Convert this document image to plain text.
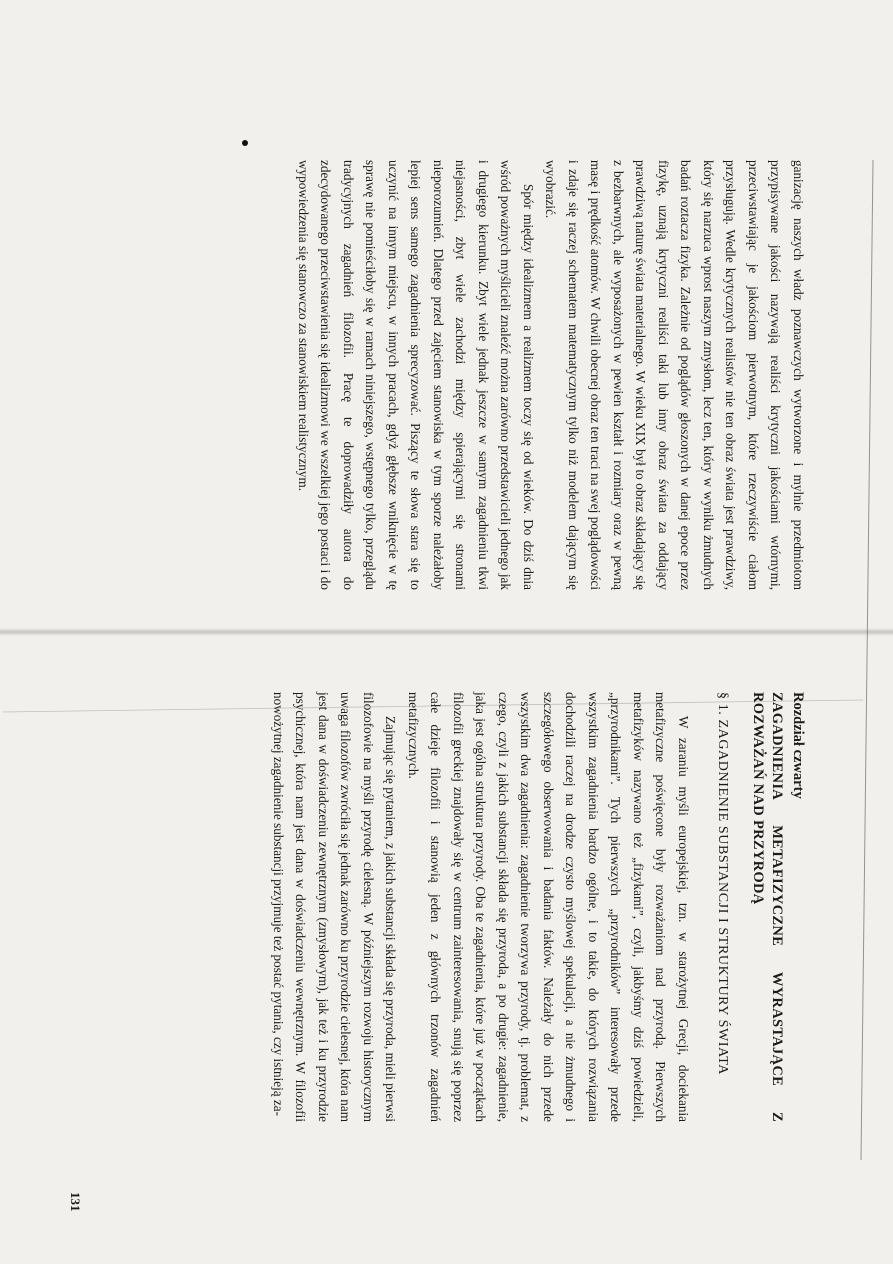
ganizację naszych władz poznawczych wytworzone i mylnie przedmiotom przypisywane jakości nazywają realiści krytyczni jakościami wtórnymi, przeciwstawiając je jakościom pierwotnym, które rzeczywiście ciałom przysługują. Wedle krytycznych realistów nie ten obraz świata jest prawdziwy, który się narzuca wprost naszym zmysłom, lecz ten, który w wyniku żmudnych badań roztacza fizyka. Zależnie od poglądów głoszonych w danej epoce przez fizykę, uznają krytyczni realiści taki lub inny obraz świata za oddający prawdziwą naturę świata materialnego. W wieku XIX był to obraz składający się z bezbarwnych, ale wyposażonych w pewien kształt i rozmiary oraz w pewną masę i prędkość atomów. W chwili obecnej obraz ten traci na swej poglądowości i zdaje się raczej schematem matematycznym tylko niż modelem dającym się wyobrazić.

Spór między idealizmem a realizmem toczy się od wieków. Do dziś dnia wśród poważnych myślicieli znaleźć można zarówno przedstawicieli jednego jak i drugiego kierunku. Zbyt wiele jednak jeszcze w samym zagadnieniu tkwi niejasności, zbyt wiele zachodzi między spierającymi się stronami nieporozumień. Dlatego przed zajęciem stanowiska w tym sporze należałoby lepiej sens samego zagadnienia sprecyzować. Piszący te słowa stara się to uczynić na innym miejscu, w innych pracach, gdyż głębsze wniknięcie w tę sprawę nie pomieściłoby się w ramach niniejszego, wstępnego tylko, przeglądu tradycyjnych zagadnień filozofii. Pracę te doprowadziły autora do zdecydowanego przeciwstawienia się idealizmowi we wszelkiej jego postaci i do wypowiedzenia się stanowczo za stanowiskiem realistycznym.

Rozdział czwarty
ZAGADNIENIA METAFIZYCZNE WYRASTAJĄCE Z ROZWAŻAŃ NAD PRZYRODĄ
§ 1. ZAGADNIENIE SUBSTANCJI I STRUKTURY ŚWIATA

W zaraniu myśli europejskiej, tzn. w starożytnej Grecji, dociekania metafizyczne poświęcone były rozważaniom nad przyrodą. Pierwszych metafizyków nazywano też „fizykami”, czyli, jakbyśmy dziś powiedzieli, „przyrodnikami”. Tych pierwszych „przyrodników” interesowały przede wszystkim zagadnienia bardzo ogólne, i to takie, do których rozwiązania dochodzili raczej na drodze czysto myślowej spekulacji, a nie żmudnego i szczegółowego obserwowania i badania faktów. Należały do nich przede wszystkim dwa zagadnienia: zagadnienie tworzywa przyrody, tj. problemat, z czego, czyli z jakich substancji składa się przyroda, a po drugie: zagadnienie, jaka jest ogólna struktura przyrody. Oba te zagadnienia, które już w początkach filozofii greckiej znajdowały się w centrum zainteresowania, snują się poprzez całe dzieje filozofii i stanowią jeden z głównych trzonów zagadnień metafizycznych.

Zajmując się pytaniem, z jakich substancji składa się przyroda, mieli pierwsi filozofowie na myśli przyrodę cielesną. W późniejszym rozwoju historycznym uwaga filozofów zwróciła się jednak zarówno ku przyrodzie cielesnej, która nam jest dana w doświadczeniu zewnętrznym (zmysłowym), jak też i ku przyrodzie psychicznej, która nam jest dana w doświadczeniu wewnętrznym. W filozofii nowożytnej zagadnienie substancji przyjmuje też postać pytania, czy istnieją za-

131
